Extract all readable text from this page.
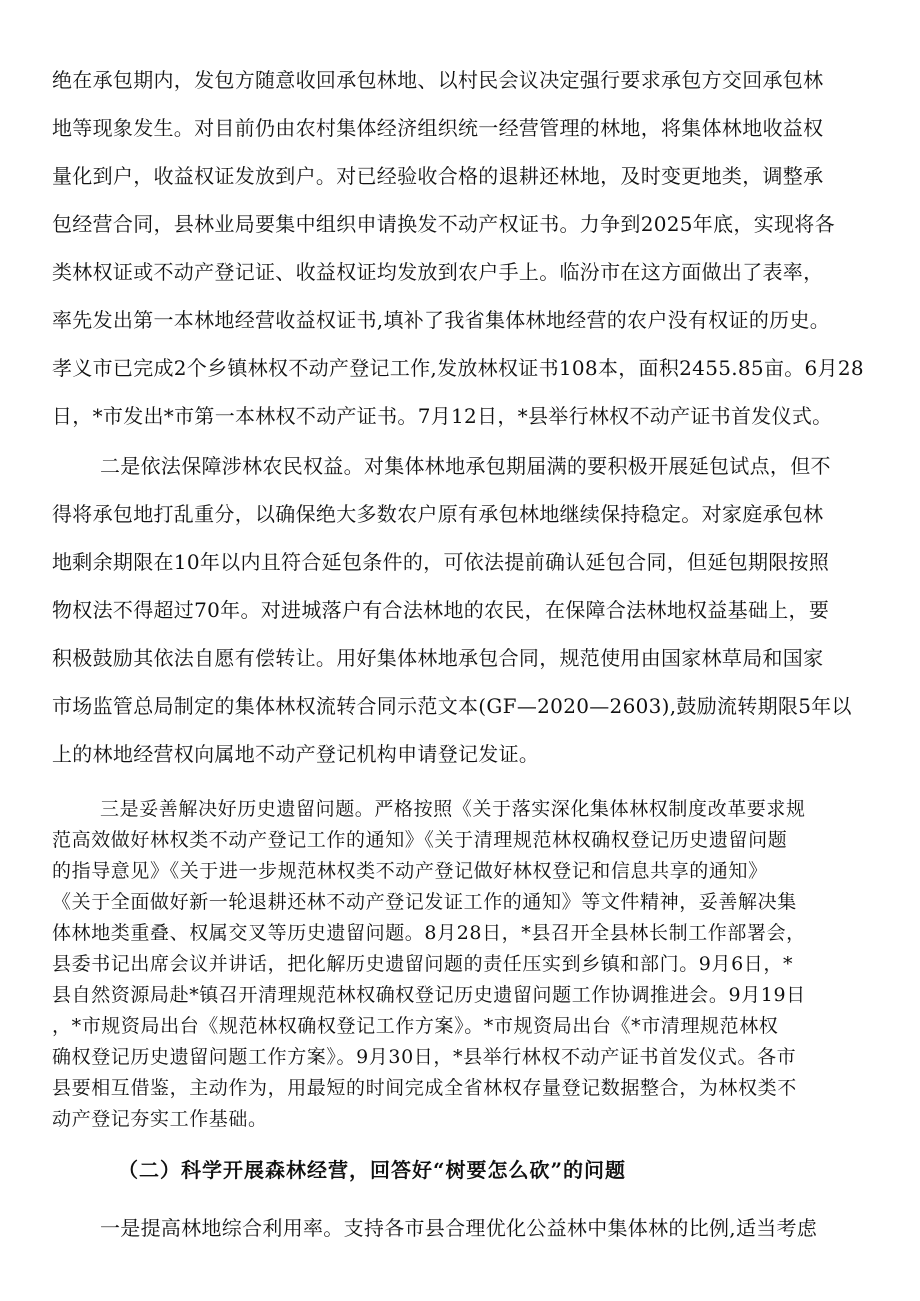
绝在承包期内，发包方随意收回承包林地、以村民会议决定强行要求承包方交回承包林
地等现象发生。对目前仍由农村集体经济组织统一经营管理的林地，将集体林地收益权
量化到户，收益权证发放到户。对已经验收合格的退耕还林地，及时变更地类，调整承
包经营合同，县林业局要集中组织申请换发不动产权证书。力争到2025年底，实现将各
类林权证或不动产登记证、收益权证均发放到农户手上。临汾市在这方面做出了表率，
率先发出第一本林地经营收益权证书,填补了我省集体林地经营的农户没有权证的历史。
孝义市已完成2个乡镇林权不动产登记工作,发放林权证书108本，面积2455.85亩。6月28
日，*市发出*市第一本林权不动产证书。7月12日，*县举行林权不动产证书首发仪式。
二是依法保障涉林农民权益。对集体林地承包期届满的要积极开展延包试点，但不
得将承包地打乱重分，以确保绝大多数农户原有承包林地继续保持稳定。对家庭承包林
地剩余期限在10年以内且符合延包条件的，可依法提前确认延包合同，但延包期限按照
物权法不得超过70年。对进城落户有合法林地的农民，在保障合法林地权益基础上，要
积极鼓励其依法自愿有偿转让。用好集体林地承包合同，规范使用由国家林草局和国家
市场监管总局制定的集体林权流转合同示范文本(GF—2020—2603),鼓励流转期限5年以
上的林地经营权向属地不动产登记机构申请登记发证。
三是妥善解决好历史遗留问题。严格按照《关于落实深化集体林权制度改革要求规
范高效做好林权类不动产登记工作的通知》《关于清理规范林权确权登记历史遗留问题
的指导意见》《关于进一步规范林权类不动产登记做好林权登记和信息共享的通知》
《关于全面做好新一轮退耕还林不动产登记发证工作的通知》等文件精神，妥善解决集
体林地类重叠、权属交叉等历史遗留问题。8月28日，*县召开全县林长制工作部署会，
县委书记出席会议并讲话，把化解历史遗留问题的责任压实到乡镇和部门。9月6日，*
县自然资源局赴*镇召开清理规范林权确权登记历史遗留问题工作协调推进会。9月19日
，*市规资局出台《规范林权确权登记工作方案》。*市规资局出台《*市清理规范林权
确权登记历史遗留问题工作方案》。9月30日，*县举行林权不动产证书首发仪式。各市
县要相互借鉴，主动作为，用最短的时间完成全省林权存量登记数据整合，为林权类不
动产登记夯实工作基础。
（二）科学开展森林经营，回答好“树要怎么砍”的问题
一是提高林地综合利用率。支持各市县合理优化公益林中集体林的比例,适当考虑
